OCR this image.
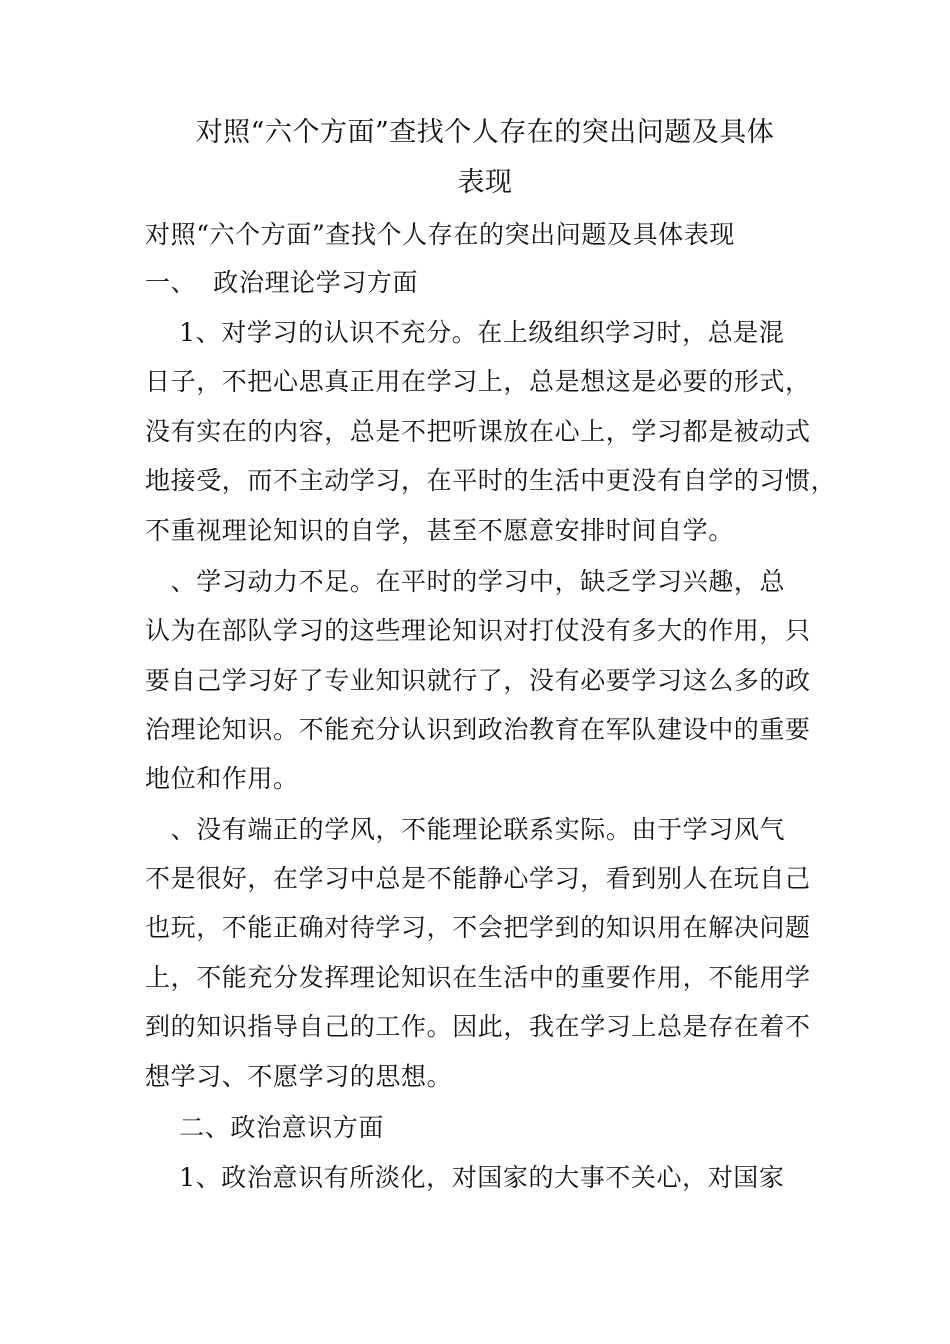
对照“六个方面”查找个人存在的突出问题及具体
表现
对照“六个方面”查找个人存在的突出问题及具体表现
一、  政治理论学习方面
1、对学习的认识不充分。在上级组织学习时，总是混
日子，不把心思真正用在学习上，总是想这是必要的形式，
没有实在的内容，总是不把听课放在心上，学习都是被动式
地接受，而不主动学习，在平时的生活中更没有自学的习惯，
不重视理论知识的自学，甚至不愿意安排时间自学。
、学习动力不足。在平时的学习中，缺乏学习兴趣，总
认为在部队学习的这些理论知识对打仗没有多大的作用，只
要自己学习好了专业知识就行了，没有必要学习这么多的政
治理论知识。不能充分认识到政治教育在军队建设中的重要
地位和作用。
、没有端正的学风，不能理论联系实际。由于学习风气
不是很好，在学习中总是不能静心学习，看到别人在玩自己
也玩，不能正确对待学习，不会把学到的知识用在解决问题
上，不能充分发挥理论知识在生活中的重要作用，不能用学
到的知识指导自己的工作。因此，我在学习上总是存在着不
想学习、不愿学习的思想。
二、政治意识方面
1、政治意识有所淡化，对国家的大事不关心，对国家
